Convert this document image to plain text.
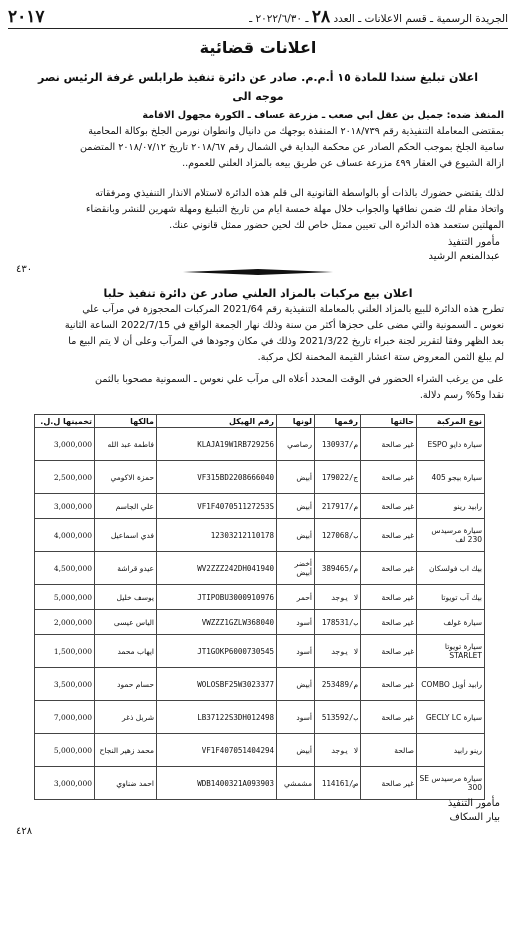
الجريدة الرسمية ـ قسم الاعلانات ـ العدد ٢٨ ـ ٢٠٢٢/٦/٣٠ ـ
٢٠١٧
اعلانات قضائية
اعلان تبليغ سندا للمادة ١٥ أ.م.م. صادر عن دائرة تنفيذ طرابلس غرفة الرئيس نصر
موجه الى
المنفذ ضده: جميل بن عقل ابي صعب ـ مزرعة عساف ـ الكورة مجهول الاقامة
بمقتضى المعاملة التنفيذية رقم ٢٠١٨/٧٣٩ المنفذة بوجهك من دانيال وانطوان نورمن الجلخ بوكالة المحامية
سامية الجلخ بموجب الحكم الصادر عن محكمة البداية في الشمال رقم ٢٠١٨/٦٧ تاريخ ٢٠١٨/٠٧/١٢ المتضمن
ازالة الشيوع في العقار ٤٩٩ مزرعة عساف عن طريق بيعه بالمزاد العلني للعموم..
لذلك يقتضي حضورك بالذات أو بالواسطة القانونية الى قلم هذه الدائرة لاستلام الانذار التنفيذي ومرفقاته
واتخاذ مقام لك ضمن نطاقها والجواب خلال مهلة خمسة ايام من تاريخ التبليغ ومهلة شهرين للنشر وبانقضاء
المهلتين ستعمد هذه الدائرة الى تعيين ممثل خاص لك لحين حضور ممثل قانوني عنك.
مأمور التنفيذ
عبدالمنعم الرشيد
٤٣٠
اعلان بيع مركبات بالمزاد العلني صادر عن دائرة تنفيذ حلبا
تطرح هذه الدائرة للبيع بالمزاد العلني بالمعاملة التنفيذية رقم 2021/64 المركبات المحجوزة في مرآب علي
نعوس ـ السمونية والتي مضى على حجزها أكثر من سنة وذلك نهار الجمعة الواقع في 2022/7/15 الساعة الثانية
بعد الظهر وفقا لتقرير لجنة خبراء تاريخ 2021/3/22 وذلك في مكان وجودها في المرآب وعلى أن لا يتم البيع ما
لم يبلغ الثمن المعروض ستة اعشار القيمة المخمنة لكل مركبة.
على من يرغب الشراء الحضور في الوقت المحدد أعلاه الى مرآب علي نعوس ـ السمونية مصحوبا بالثمن
نقدا و5% رسم دلالة.
نوع المركبة	حالتها	رقمها	لونها	رقم الهيكل	مالكها	تخمينها ل.ل.
سيارة دايو ESPO	غير صالحة	130937/م	رصاصي	KLAJA19W1RB729256	فاطمة عبد الله	3,000,000
سيارة بيجو 405	غير صالحة	179022/ج	أبيض	VF315BD2208666040	حمزة الاكومي	2,500,000
رابيد رينو	غير صالحة	217917/م	أبيض	VF1F407051127253S	علي الجاسم	3,000,000
سيارة مرسيدس 230 لف	غير صالحة	127068/ب	أبيض	12303212110178	فدي اسماعيل	4,000,000
بيك اب فولسكان	غير صالحة	389465/م	أخضر أبيض	WV2ZZZ242DH041940	عيدو قراشة	4,500,000
بيك آب تويوتا	غير صالحة	لا يوجد	أحمر	JTIPOBU3000910976	يوسف خليل	5,000,000
سيارة غولف	غير صالحة	178531/ب	أسود	VWZZZ1GZLW368040	الياس عيسى	2,000,000
سيارة تويوتا STARLET	غير صالحة	لا يوجد	أسود	JT1GOKP6000730545	ايهاب محمد	1,500,000
رابيد أوبل COMBO	غير صالحة	253489/م	أبيض	WOLOSBF25W3023377	حسام حمود	3,500,000
سيارة GECLY LC	غير صالحة	513592/ب	أسود	LB37122S3DH012498	شربل ذغر	7,000,000
رينو رابيد	صالحة	لا يوجد	أبيض	VF1F407051404294	محمد زهير النجاح	5,000,000
سيارة مرسيدس SE 300	غير صالحة	114161/ص	مشمشي	WDB1400321A093903	احمد ضناوي	3,000,000
مأمور التنفيذ
بيار السكاف
٤٢٨
